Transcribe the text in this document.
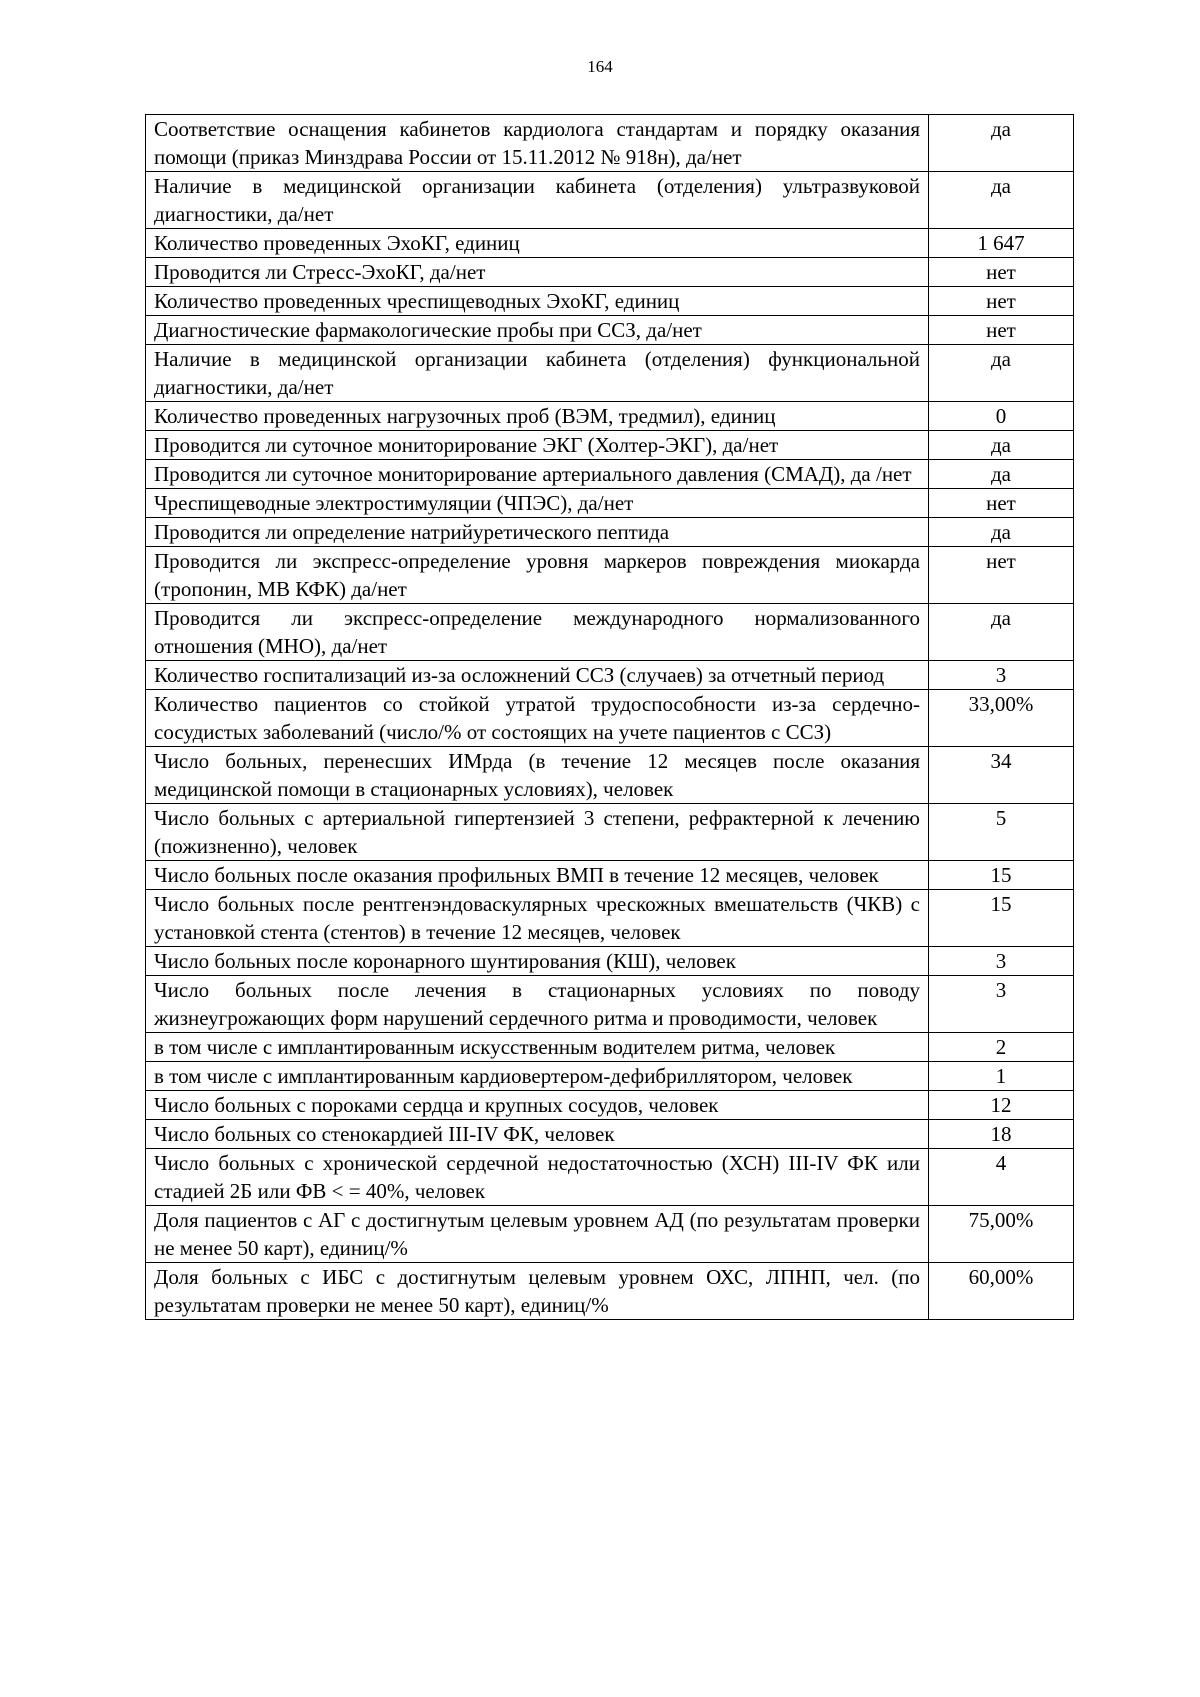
164
Соответствие оснащения кабинетов кардиолога стандартам и порядку оказания помощи (приказ Минздрава России от 15.11.2012 № 918н), да/нет	да
Наличие в медицинской организации кабинета (отделения) ультразвуковой диагностики, да/нет	да
Количество проведенных ЭхоКГ, единиц	1 647
Проводится ли Стресс-ЭхоКГ, да/нет	нет
Количество проведенных чреспищеводных ЭхоКГ, единиц	нет
Диагностические фармакологические пробы при ССЗ, да/нет	нет
Наличие в медицинской организации кабинета (отделения) функциональной диагностики, да/нет	да
Количество проведенных нагрузочных проб (ВЭМ, тредмил), единиц	0
Проводится ли суточное мониторирование ЭКГ (Холтер-ЭКГ), да/нет	да
Проводится ли суточное мониторирование артериального давления (СМАД), да /нет	да
Чреспищеводные электростимуляции (ЧПЭС), да/нет	нет
Проводится ли определение натрийуретического пептида	да
Проводится ли экспресс-определение уровня маркеров повреждения миокарда (тропонин, МВ КФК) да/нет	нет
Проводится ли экспресс-определение международного нормализованного отношения (МНО), да/нет	да
Количество госпитализаций из-за осложнений ССЗ (случаев) за отчетный период	3
Количество пациентов со стойкой утратой трудоспособности из-за сердечно-сосудистых заболеваний (число/% от состоящих на учете пациентов с ССЗ)	33,00%
Число больных, перенесших ИМрда (в течение 12 месяцев после оказания медицинской помощи в стационарных условиях), человек	34
Число больных с артериальной гипертензией 3 степени, рефрактерной к лечению (пожизненно), человек	5
Число больных после оказания профильных ВМП в течение 12 месяцев, человек	15
Число больных после рентгенэндоваскулярных чрескожных вмешательств (ЧКВ) с установкой стента (стентов) в течение 12 месяцев, человек	15
Число больных после коронарного шунтирования (КШ), человек	3
Число больных после лечения в стационарных условиях по поводу жизнеугрожающих форм нарушений сердечного ритма и проводимости, человек	3
в том числе с имплантированным искусственным водителем ритма, человек	2
в том числе с имплантированным кардиовертером-дефибриллятором, человек	1
Число больных с пороками сердца и крупных сосудов, человек	12
Число больных со стенокардией III-IV ФК, человек	18
Число больных с хронической сердечной недостаточностью (ХСН) III-IV ФК или стадией 2Б или ФВ < = 40%, человек	4
Доля пациентов с АГ с достигнутым целевым уровнем АД (по результатам проверки не менее 50 карт), единиц/%	75,00%
Доля больных с ИБС с достигнутым целевым уровнем ОХС, ЛПНП, чел. (по результатам проверки не менее 50 карт), единиц/%	60,00%
